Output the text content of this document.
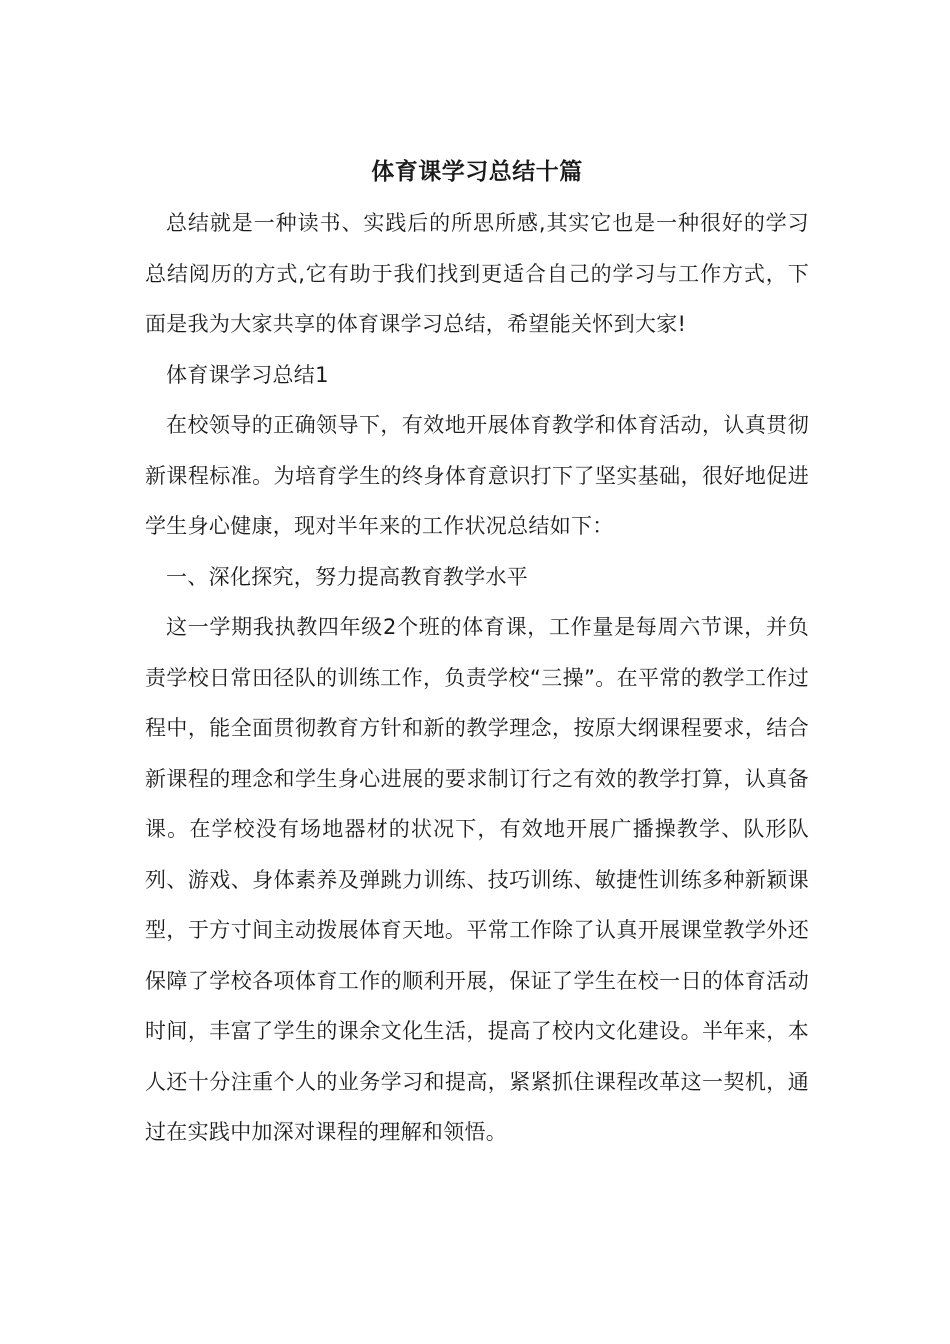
体育课学习总结十篇

总结就是一种读书、实践后的所思所感,其实它也是一种很好的学习总结阅历的方式,它有助于我们找到更适合自己的学习与工作方式，下面是我为大家共享的体育课学习总结，希望能关怀到大家!

体育课学习总结1

在校领导的正确领导下，有效地开展体育教学和体育活动，认真贯彻新课程标准。为培育学生的终身体育意识打下了坚实基础，很好地促进学生身心健康，现对半年来的工作状况总结如下：

一、深化探究，努力提高教育教学水平

这一学期我执教四年级2个班的体育课，工作量是每周六节课，并负责学校日常田径队的训练工作，负责学校“三操”。在平常的教学工作过程中，能全面贯彻教育方针和新的教学理念，按原大纲课程要求，结合新课程的理念和学生身心进展的要求制订行之有效的教学打算，认真备课。在学校没有场地器材的状况下，有效地开展广播操教学、队形队列、游戏、身体素养及弹跳力训练、技巧训练、敏捷性训练多种新颖课型，于方寸间主动拨展体育天地。平常工作除了认真开展课堂教学外还保障了学校各项体育工作的顺利开展，保证了学生在校一日的体育活动时间，丰富了学生的课余文化生活，提高了校内文化建设。半年来，本人还十分注重个人的业务学习和提高，紧紧抓住课程改革这一契机，通过在实践中加深对课程的理解和领悟。
